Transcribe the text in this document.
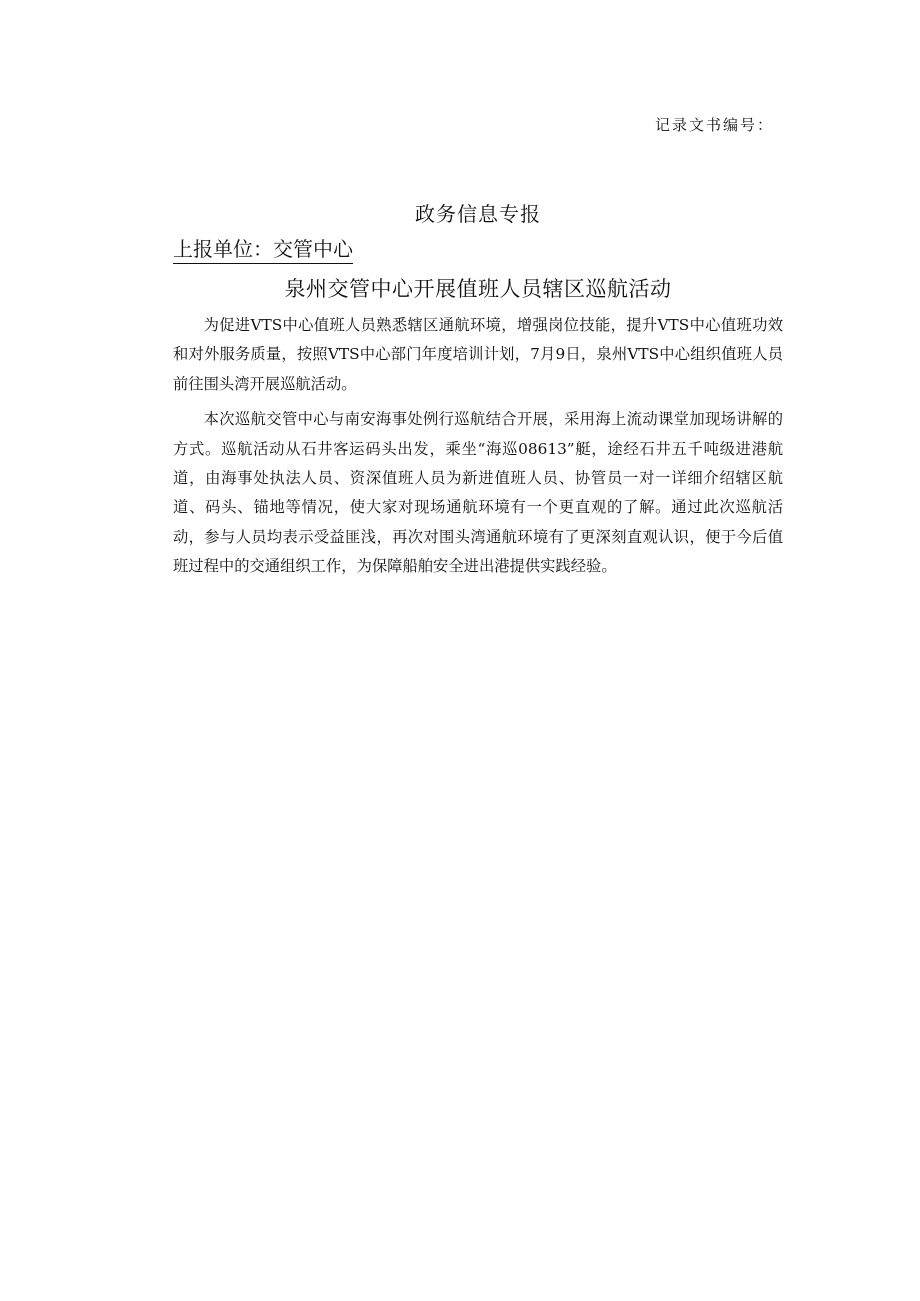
记录文书编号：
政务信息专报
上报单位：交管中心
泉州交管中心开展值班人员辖区巡航活动

为促进VTS中心值班人员熟悉辖区通航环境，增强岗位技能，提升VTS中心值班功效和对外服务质量，按照VTS中心部门年度培训计划，7月9日，泉州VTS中心组织值班人员前往围头湾开展巡航活动。

本次巡航交管中心与南安海事处例行巡航结合开展，采用海上流动课堂加现场讲解的方式。巡航活动从石井客运码头出发，乘坐“海巡08613”艇，途经石井五千吨级进港航道，由海事处执法人员、资深值班人员为新进值班人员、协管员一对一详细介绍辖区航道、码头、锚地等情况，使大家对现场通航环境有一个更直观的了解。通过此次巡航活动，参与人员均表示受益匪浅，再次对围头湾通航环境有了更深刻直观认识，便于今后值班过程中的交通组织工作，为保障船舶安全进出港提供实践经验。
